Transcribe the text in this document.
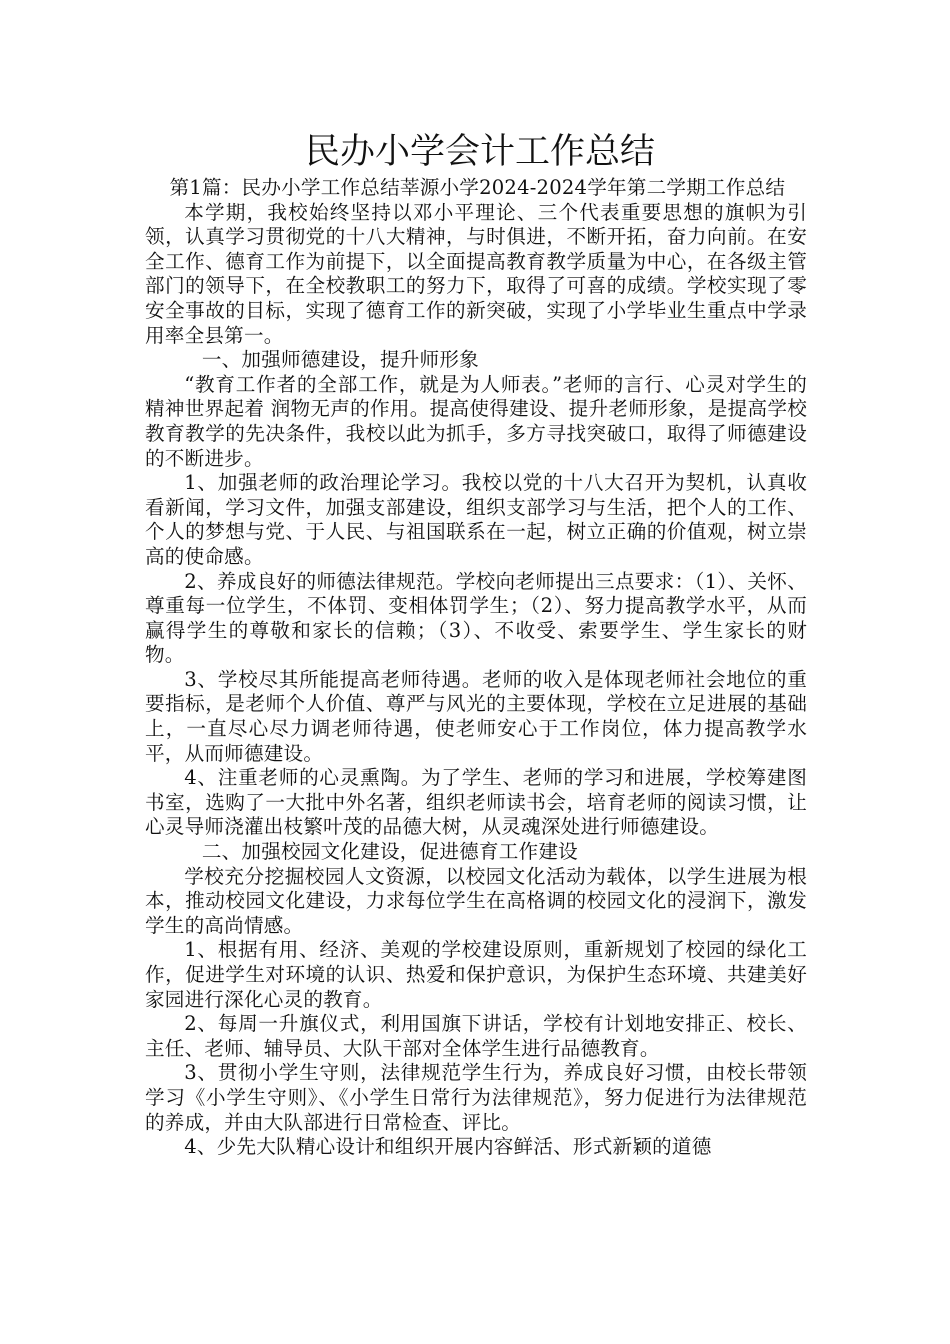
民办小学会计工作总结

第1篇：民办小学工作总结莘源小学2024-2024学年第二学期工作总结

本学期，我校始终坚持以邓小平理论、三个代表重要思想的旗帜为引领，认真学习贯彻党的十八大精神，与时俱进，不断开拓，奋力向前。在安全工作、德育工作为前提下，以全面提高教育教学质量为中心，在各级主管部门的领导下，在全校教职工的努力下，取得了可喜的成绩。学校实现了零安全事故的目标，实现了德育工作的新突破，实现了小学毕业生重点中学录用率全县第一。

一、加强师德建设，提升师形象

“教育工作者的全部工作，就是为人师表。”老师的言行、心灵对学生的精神世界起着 润物无声的作用。提高使得建设、提升老师形象，是提高学校教育教学的先决条件，我校以此为抓手，多方寻找突破口，取得了师德建设的不断进步。

1、加强老师的政治理论学习。我校以党的十八大召开为契机，认真收看新闻，学习文件，加强支部建设，组织支部学习与生活，把个人的工作、个人的梦想与党、于人民、与祖国联系在一起，树立正确的价值观，树立崇高的使命感。

2、养成良好的师德法律规范。学校向老师提出三点要求：（1）、关怀、尊重每一位学生，不体罚、变相体罚学生；（2）、努力提高教学水平，从而赢得学生的尊敬和家长的信赖；（3）、不收受、索要学生、学生家长的财物。

3、学校尽其所能提高老师待遇。老师的收入是体现老师社会地位的重要指标，是老师个人价值、尊严与风光的主要体现，学校在立足进展的基础上，一直尽心尽力调老师待遇，使老师安心于工作岗位，体力提高教学水平，从而师德建设。

4、注重老师的心灵熏陶。为了学生、老师的学习和进展，学校筹建图书室，选购了一大批中外名著，组织老师读书会，培育老师的阅读习惯，让心灵导师浇灌出枝繁叶茂的品德大树，从灵魂深处进行师德建设。

二、加强校园文化建设，促进德育工作建设

学校充分挖掘校园人文资源，以校园文化活动为载体，以学生进展为根本，推动校园文化建设，力求每位学生在高格调的校园文化的浸润下，激发学生的高尚情感。

1、根据有用、经济、美观的学校建设原则，重新规划了校园的绿化工作，促进学生对环境的认识、热爱和保护意识，为保护生态环境、共建美好家园进行深化心灵的教育。

2、每周一升旗仪式，利用国旗下讲话，学校有计划地安排正、校长、主任、老师、辅导员、大队干部对全体学生进行品德教育。

3、贯彻小学生守则，法律规范学生行为，养成良好习惯，由校长带领学习《小学生守则》、《小学生日常行为法律规范》，努力促进行为法律规范的养成，并由大队部进行日常检查、评比。

4、少先大队精心设计和组织开展内容鲜活、形式新颖的道德
